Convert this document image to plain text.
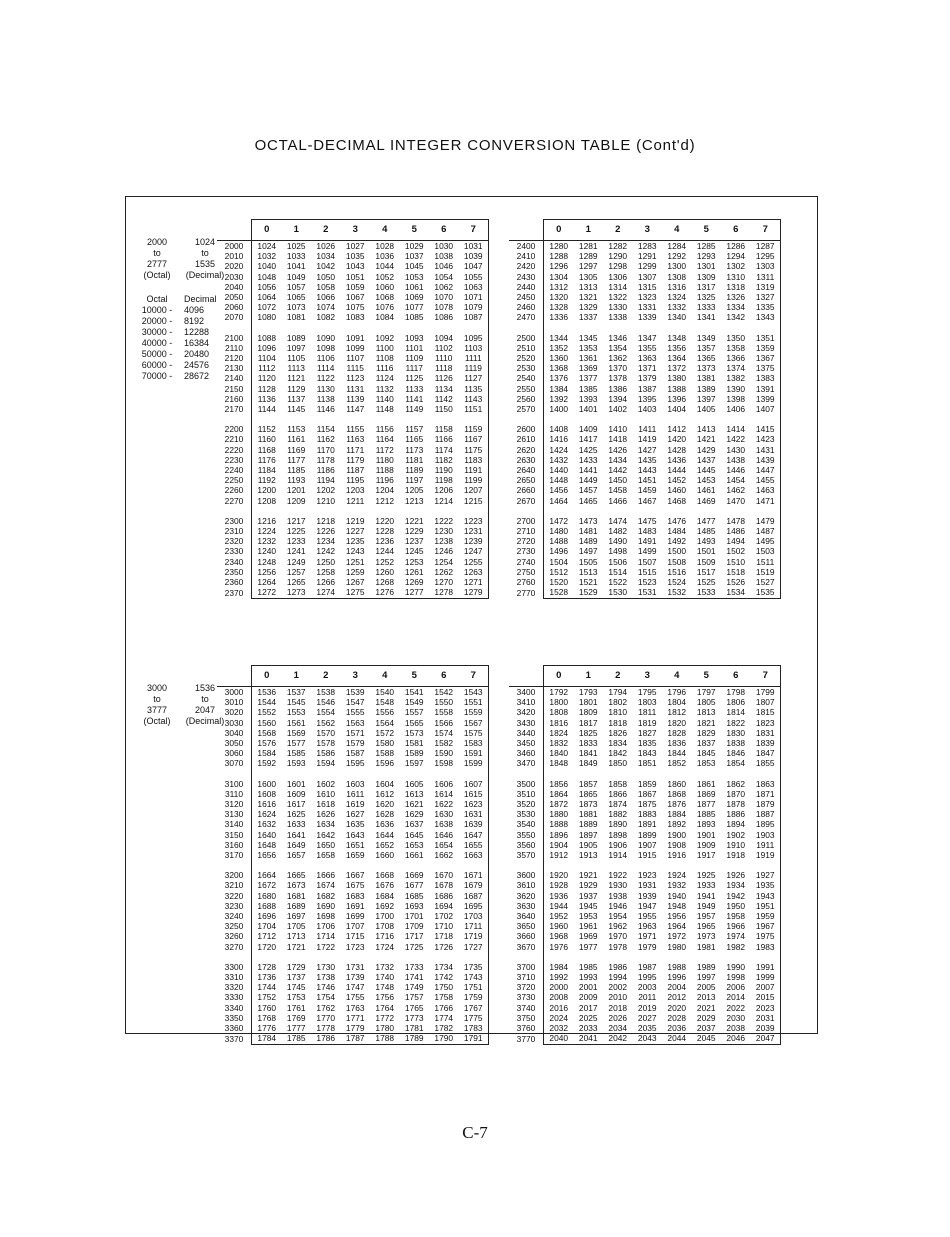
OCTAL-DECIMAL INTEGER CONVERSION TABLE (Cont'd)
2000	1024
to	to
2777	1535
(Octal)	(Decimal)
Octal	Decimal
10000 -	4096
20000 -	8192
30000 -	12288
40000 -	16384
50000 -	20480
60000 -	24576
70000 -	28672
3000	1536
to	to
3777	2047
(Octal)	(Decimal)
	0	1	2	3	4	5	6	7
2000	1024	1025	1026	1027	1028	1029	1030	1031
2010	1032	1033	1034	1035	1036	1037	1038	1039
2020	1040	1041	1042	1043	1044	1045	1046	1047
2030	1048	1049	1050	1051	1052	1053	1054	1055
2040	1056	1057	1058	1059	1060	1061	1062	1063
2050	1064	1065	1066	1067	1068	1069	1070	1071
2060	1072	1073	1074	1075	1076	1077	1078	1079
2070	1080	1081	1082	1083	1084	1085	1086	1087

2100	1088	1089	1090	1091	1092	1093	1094	1095
2110	1096	1097	1098	1099	1100	1101	1102	1103
2120	1104	1105	1106	1107	1108	1109	1110	1111
2130	1112	1113	1114	1115	1116	1117	1118	1119
2140	1120	1121	1122	1123	1124	1125	1126	1127
2150	1128	1129	1130	1131	1132	1133	1134	1135
2160	1136	1137	1138	1139	1140	1141	1142	1143
2170	1144	1145	1146	1147	1148	1149	1150	1151

2200	1152	1153	1154	1155	1156	1157	1158	1159
2210	1160	1161	1162	1163	1164	1165	1166	1167
2220	1168	1169	1170	1171	1172	1173	1174	1175
2230	1176	1177	1178	1179	1180	1181	1182	1183
2240	1184	1185	1186	1187	1188	1189	1190	1191
2250	1192	1193	1194	1195	1196	1197	1198	1199
2260	1200	1201	1202	1203	1204	1205	1206	1207
2270	1208	1209	1210	1211	1212	1213	1214	1215

2300	1216	1217	1218	1219	1220	1221	1222	1223
2310	1224	1225	1226	1227	1228	1229	1230	1231
2320	1232	1233	1234	1235	1236	1237	1238	1239
2330	1240	1241	1242	1243	1244	1245	1246	1247
2340	1248	1249	1250	1251	1252	1253	1254	1255
2350	1256	1257	1258	1259	1260	1261	1262	1263
2360	1264	1265	1266	1267	1268	1269	1270	1271
2370	1272	1273	1274	1275	1276	1277	1278	1279
	0	1	2	3	4	5	6	7
2400	1280	1281	1282	1283	1284	1285	1286	1287
2410	1288	1289	1290	1291	1292	1293	1294	1295
2420	1296	1297	1298	1299	1300	1301	1302	1303
2430	1304	1305	1306	1307	1308	1309	1310	1311
2440	1312	1313	1314	1315	1316	1317	1318	1319
2450	1320	1321	1322	1323	1324	1325	1326	1327
2460	1328	1329	1330	1331	1332	1333	1334	1335
2470	1336	1337	1338	1339	1340	1341	1342	1343

2500	1344	1345	1346	1347	1348	1349	1350	1351
2510	1352	1353	1354	1355	1356	1357	1358	1359
2520	1360	1361	1362	1363	1364	1365	1366	1367
2530	1368	1369	1370	1371	1372	1373	1374	1375
2540	1376	1377	1378	1379	1380	1381	1382	1383
2550	1384	1385	1386	1387	1388	1389	1390	1391
2560	1392	1393	1394	1395	1396	1397	1398	1399
2570	1400	1401	1402	1403	1404	1405	1406	1407

2600	1408	1409	1410	1411	1412	1413	1414	1415
2610	1416	1417	1418	1419	1420	1421	1422	1423
2620	1424	1425	1426	1427	1428	1429	1430	1431
2630	1432	1433	1434	1435	1436	1437	1438	1439
2640	1440	1441	1442	1443	1444	1445	1446	1447
2650	1448	1449	1450	1451	1452	1453	1454	1455
2660	1456	1457	1458	1459	1460	1461	1462	1463
2670	1464	1465	1466	1467	1468	1469	1470	1471

2700	1472	1473	1474	1475	1476	1477	1478	1479
2710	1480	1481	1482	1483	1484	1485	1486	1487
2720	1488	1489	1490	1491	1492	1493	1494	1495
2730	1496	1497	1498	1499	1500	1501	1502	1503
2740	1504	1505	1506	1507	1508	1509	1510	1511
2750	1512	1513	1514	1515	1516	1517	1518	1519
2760	1520	1521	1522	1523	1524	1525	1526	1527
2770	1528	1529	1530	1531	1532	1533	1534	1535
	0	1	2	3	4	5	6	7
3000	1536	1537	1538	1539	1540	1541	1542	1543
3010	1544	1545	1546	1547	1548	1549	1550	1551
3020	1552	1553	1554	1555	1556	1557	1558	1559
3030	1560	1561	1562	1563	1564	1565	1566	1567
3040	1568	1569	1570	1571	1572	1573	1574	1575
3050	1576	1577	1578	1579	1580	1581	1582	1583
3060	1584	1585	1586	1587	1588	1589	1590	1591
3070	1592	1593	1594	1595	1596	1597	1598	1599

3100	1600	1601	1602	1603	1604	1605	1606	1607
3110	1608	1609	1610	1611	1612	1613	1614	1615
3120	1616	1617	1618	1619	1620	1621	1622	1623
3130	1624	1625	1626	1627	1628	1629	1630	1631
3140	1632	1633	1634	1635	1636	1637	1638	1639
3150	1640	1641	1642	1643	1644	1645	1646	1647
3160	1648	1649	1650	1651	1652	1653	1654	1655
3170	1656	1657	1658	1659	1660	1661	1662	1663

3200	1664	1665	1666	1667	1668	1669	1670	1671
3210	1672	1673	1674	1675	1676	1677	1678	1679
3220	1680	1681	1682	1683	1684	1685	1686	1687
3230	1688	1689	1690	1691	1692	1693	1694	1695
3240	1696	1697	1698	1699	1700	1701	1702	1703
3250	1704	1705	1706	1707	1708	1709	1710	1711
3260	1712	1713	1714	1715	1716	1717	1718	1719
3270	1720	1721	1722	1723	1724	1725	1726	1727

3300	1728	1729	1730	1731	1732	1733	1734	1735
3310	1736	1737	1738	1739	1740	1741	1742	1743
3320	1744	1745	1746	1747	1748	1749	1750	1751
3330	1752	1753	1754	1755	1756	1757	1758	1759
3340	1760	1761	1762	1763	1764	1765	1766	1767
3350	1768	1769	1770	1771	1772	1773	1774	1775
3360	1776	1777	1778	1779	1780	1781	1782	1783
3370	1784	1785	1786	1787	1788	1789	1790	1791
	0	1	2	3	4	5	6	7
3400	1792	1793	1794	1795	1796	1797	1798	1799
3410	1800	1801	1802	1803	1804	1805	1806	1807
3420	1808	1809	1810	1811	1812	1813	1814	1815
3430	1816	1817	1818	1819	1820	1821	1822	1823
3440	1824	1825	1826	1827	1828	1829	1830	1831
3450	1832	1833	1834	1835	1836	1837	1838	1839
3460	1840	1841	1842	1843	1844	1845	1846	1847
3470	1848	1849	1850	1851	1852	1853	1854	1855

3500	1856	1857	1858	1859	1860	1861	1862	1863
3510	1864	1865	1866	1867	1868	1869	1870	1871
3520	1872	1873	1874	1875	1876	1877	1878	1879
3530	1880	1881	1882	1883	1884	1885	1886	1887
3540	1888	1889	1890	1891	1892	1893	1894	1895
3550	1896	1897	1898	1899	1900	1901	1902	1903
3560	1904	1905	1906	1907	1908	1909	1910	1911
3570	1912	1913	1914	1915	1916	1917	1918	1919

3600	1920	1921	1922	1923	1924	1925	1926	1927
3610	1928	1929	1930	1931	1932	1933	1934	1935
3620	1936	1937	1938	1939	1940	1941	1942	1943
3630	1944	1945	1946	1947	1948	1949	1950	1951
3640	1952	1953	1954	1955	1956	1957	1958	1959
3650	1960	1961	1962	1963	1964	1965	1966	1967
3660	1968	1969	1970	1971	1972	1973	1974	1975
3670	1976	1977	1978	1979	1980	1981	1982	1983

3700	1984	1985	1986	1987	1988	1989	1990	1991
3710	1992	1993	1994	1995	1996	1997	1998	1999
3720	2000	2001	2002	2003	2004	2005	2006	2007
3730	2008	2009	2010	2011	2012	2013	2014	2015
3740	2016	2017	2018	2019	2020	2021	2022	2023
3750	2024	2025	2026	2027	2028	2029	2030	2031
3760	2032	2033	2034	2035	2036	2037	2038	2039
3770	2040	2041	2042	2043	2044	2045	2046	2047
C-7
